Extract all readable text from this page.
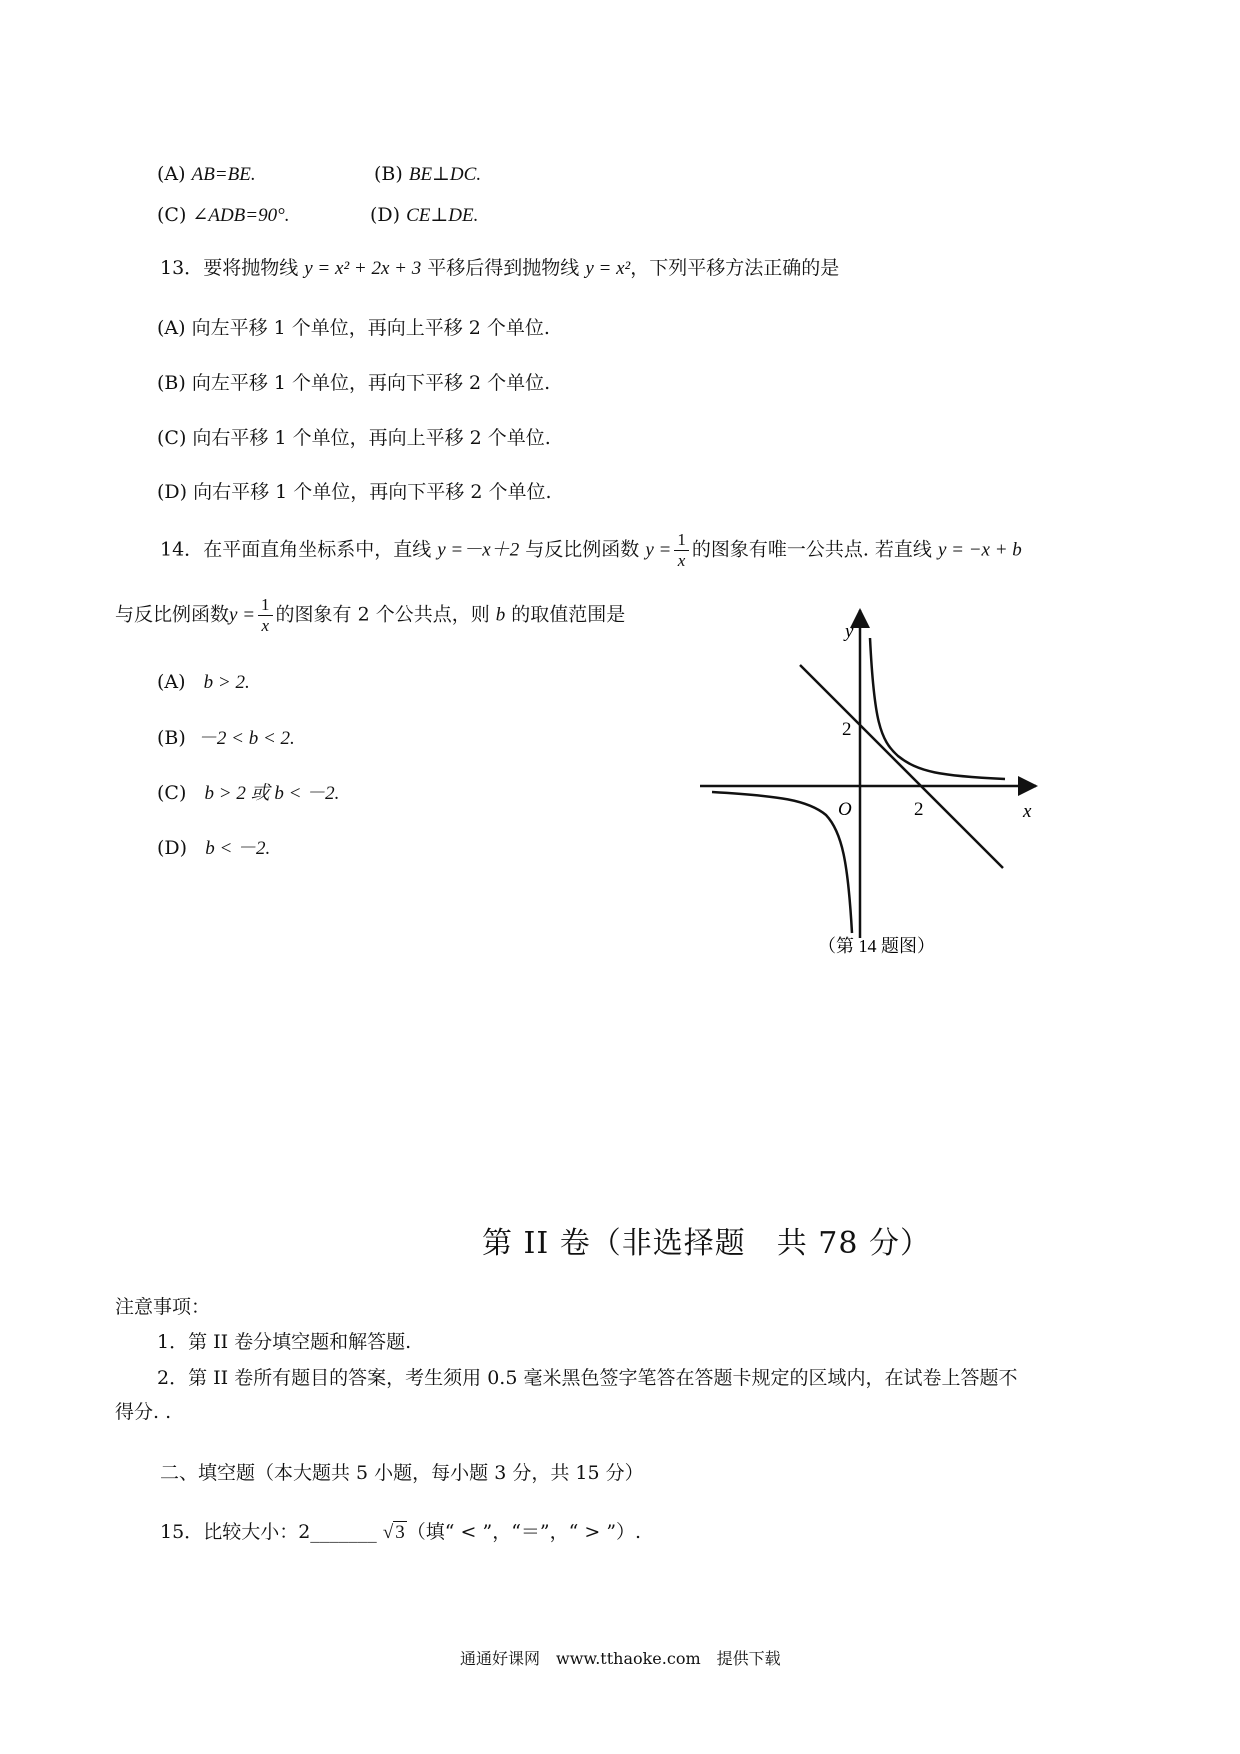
(A) AB=BE.	(B) BE⊥DC.
(C) ∠ADB=90°.	(D) CE⊥DE.
13．要将抛物线 y = x² + 2x + 3 平移后得到抛物线 y = x²，下列平移方法正确的是
(A) 向左平移 1 个单位，再向上平移 2 个单位.
(B) 向左平移 1 个单位，再向下平移 2 个单位.
(C) 向右平移 1 个单位，再向上平移 2 个单位.
(D) 向右平移 1 个单位，再向下平移 2 个单位.
14．在平面直角坐标系中，直线 y =－x＋2 与反比例函数 $y = \frac{1}{x}$ 的图象有唯一公共点. 若直线 y = −x + b
与反比例函数$y = \frac{1}{x}$ 的图象有 2 个公共点，则 b 的取值范围是
(A) b > 2.
(B) －2 < b < 2.
(C) b > 2 或 b < －2.
(D) b < －2.
y
x
O	2
2
（第 14 题图）
第 II 卷（非选择题　共 78 分）
注意事项：
1．第 II 卷分填空题和解答题.
2．第 II 卷所有题目的答案，考生须用 0.5 毫米黑色签字笔答在答题卡规定的区域内，在试卷上答题不
得分. .
二、填空题（本大题共 5 小题，每小题 3 分，共 15 分）
15．比较大小：2_______ √ 3 （填“ < ”，“＝”，“ > ”）.
通通好课网　www.tthaoke.com　提供下载
